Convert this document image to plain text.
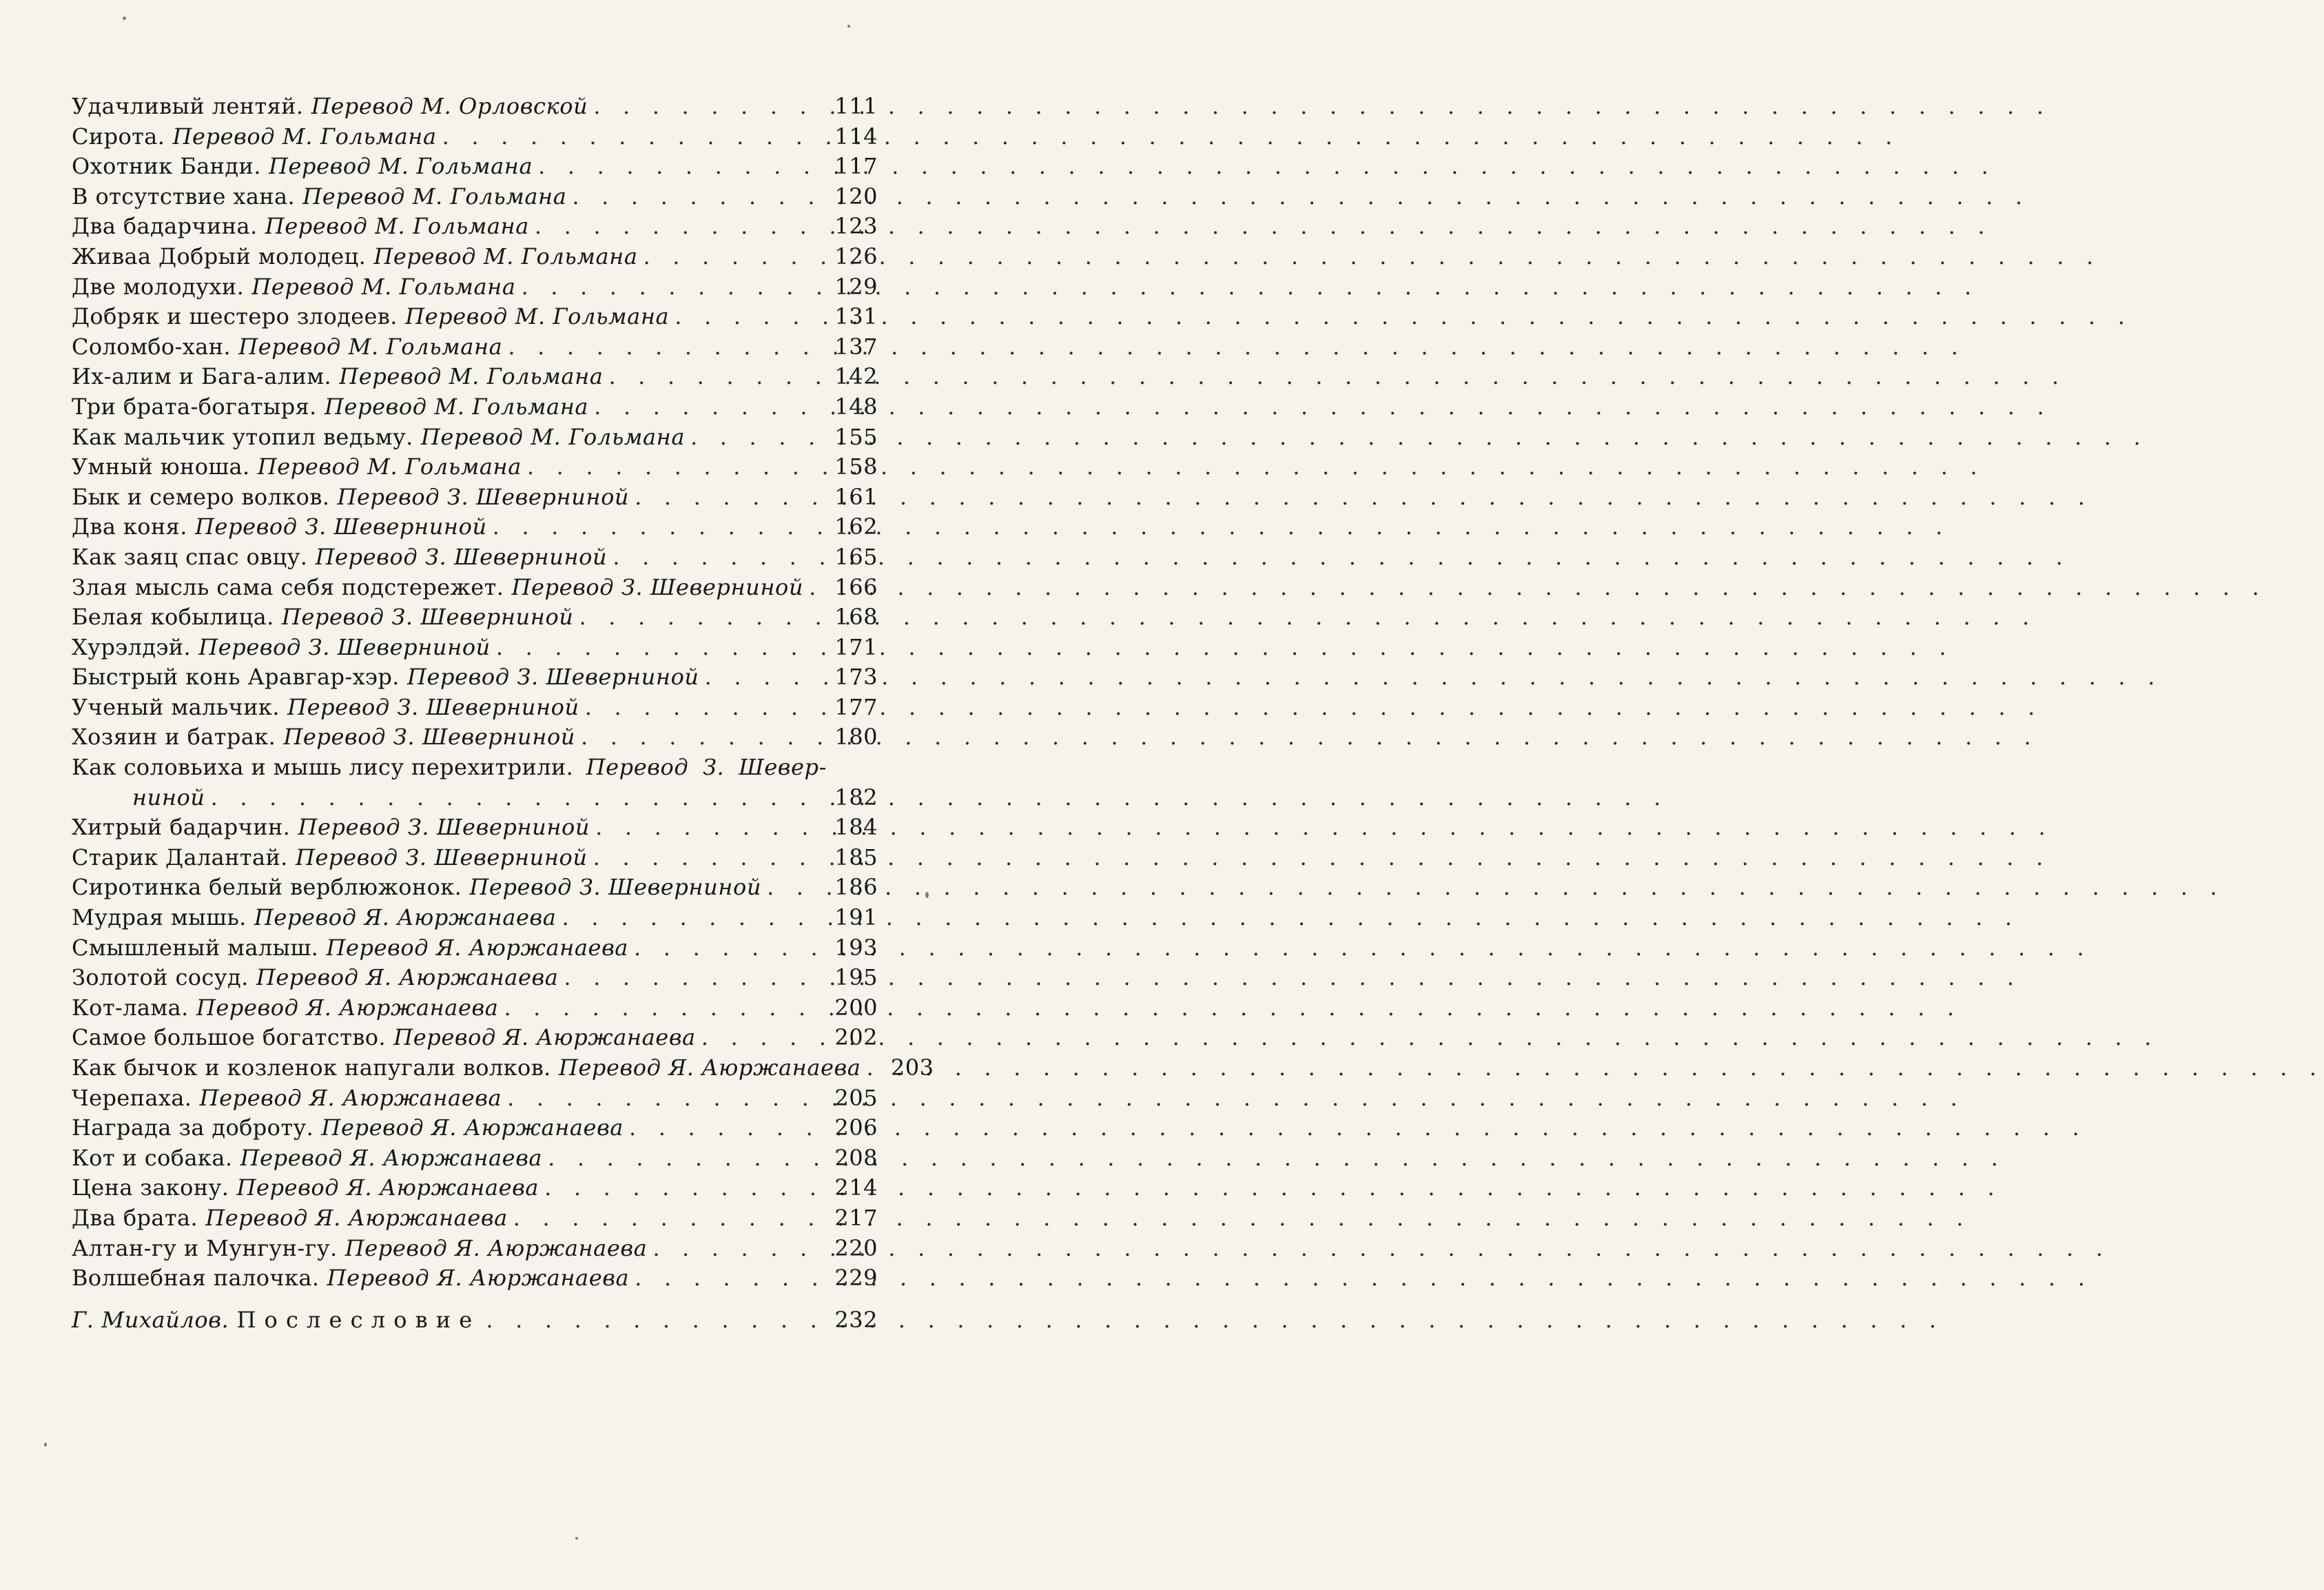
Удачливый лентяй. Перевод М. Орловской . . .	111
Сирота. Перевод М. Гольмана . . .	114
Охотник Банди. Перевод М. Гольмана . . .	117
В отсутствие хана. Перевод М. Гольмана . . .	120
Два бадарчина. Перевод М. Гольмана . . .	123
Живаа Добрый молодец. Перевод М. Гольмана . . .	126
Две молодухи. Перевод М. Гольмана . . .	129
Добряк и шестеро злодеев. Перевод М. Гольмана . . .	131
Соломбо-хан. Перевод М. Гольмана . . .	137
Их-алим и Бага-алим. Перевод М. Гольмана . . .	142
Три брата-богатыря. Перевод М. Гольмана . . .	148
Как мальчик утопил ведьму. Перевод М. Гольмана . . .	155
Умный юноша. Перевод М. Гольмана . . .	158
Бык и семеро волков. Перевод З. Шеверниной . . .	161
Два коня. Перевод З. Шеверниной . . .	162
Как заяц спас овцу. Перевод З. Шеверниной . . .	165
Злая мысль сама себя подстережет. Перевод З. Шеверниной . . . 166
Белая кобылица. Перевод З. Шеверниной . . .	168
Хурэлдэй. Перевод З. Шеверниной . . .	171
Быстрый конь Аравгар-хэр. Перевод З. Шеверниной . . .	173
Ученый мальчик. Перевод З. Шеверниной . . .	177
Хозяин и батрак. Перевод З. Шеверниной . . .	180
Как соловьиха и мышь лису перехитрили. Перевод З. Шевер-
ниной . . .	182
Хитрый бадарчин. Перевод З. Шеверниной . . .	184
Старик Далантай. Перевод З. Шеверниной . . .	185
Сиротинка белый верблюжонок. Перевод З. Шеверниной . . .	186
Мудрая мышь. Перевод Я. Аюржанаева . . .	191
Смышленый малыш. Перевод Я. Аюржанаева . . .	193
Золотой сосуд. Перевод Я. Аюржанаева . . .	195
Кот-лама. Перевод Я. Аюржанаева . . .	200
Самое большое богатство. Перевод Я. Аюржанаева . . .	202
Как бычок и козленок напугали волков. Перевод Я. Аюржанаева . . . 203
Черепаха. Перевод Я. Аюржанаева . . .	205
Награда за доброту. Перевод Я. Аюржанаева . . .	206
Кот и собака. Перевод Я. Аюржанаева . . .	208
Цена закону. Перевод Я. Аюржанаева . . .	214
Два брата. Перевод Я. Аюржанаева . . .	217
Алтан-гу и Мунгун-гу. Перевод Я. Аюржанаева . . .	220
Волшебная палочка. Перевод Я. Аюржанаева . . .	229
Г. Михайлов. Послесловие . . .	232
